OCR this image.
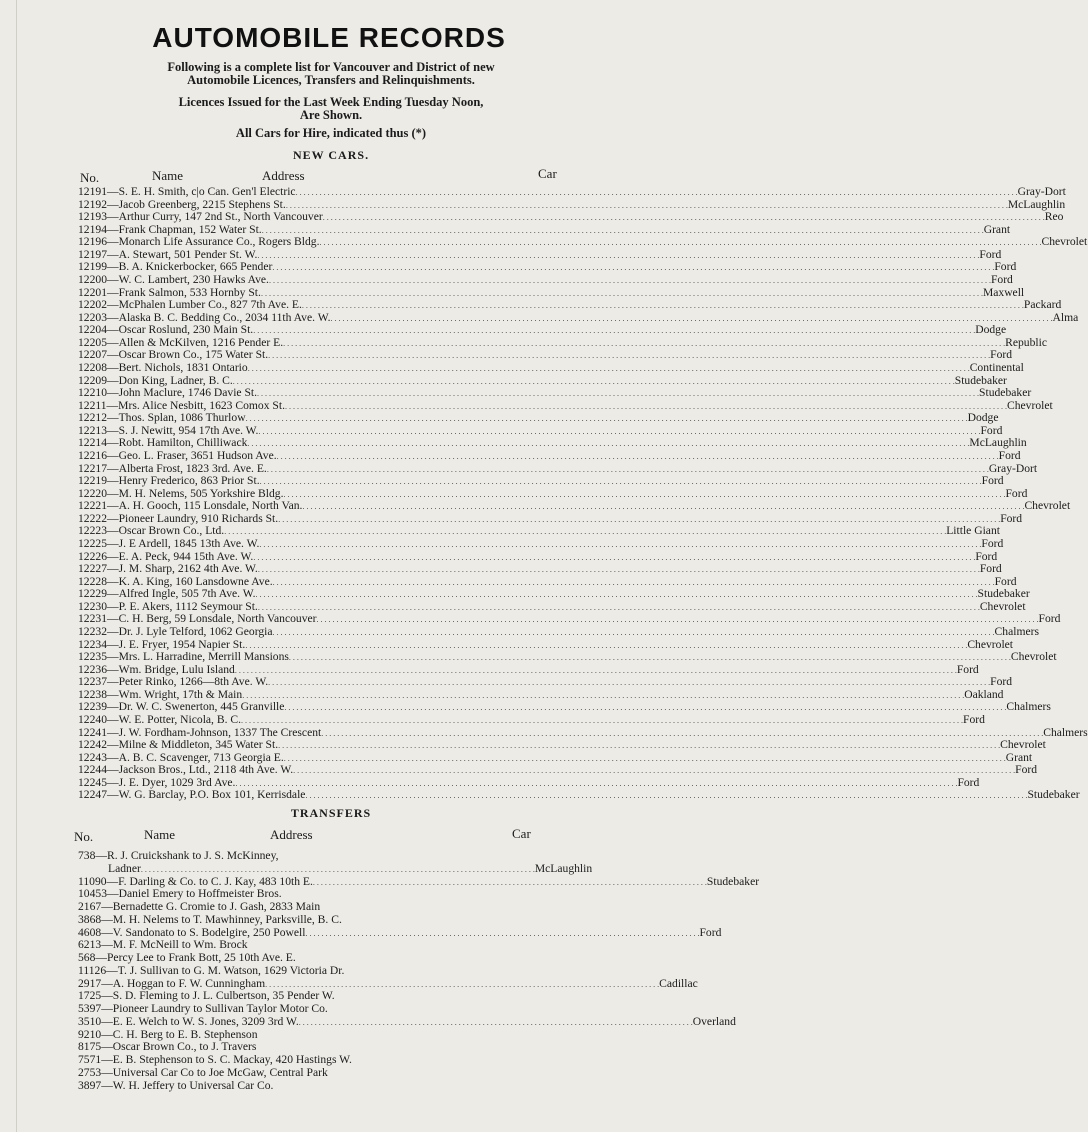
AUTOMOBILE RECORDS
Following is a complete list for Vancouver and District of new
Automobile Licences, Transfers and Relinquishments.
Licences Issued for the Last Week Ending Tuesday Noon,
Are Shown.
All Cars for Hire, indicated thus (*)
NEW CARS.
No.	Name	Address	Car
12191—S. E. H. Smith, c|o Can. Gen'l Electric . . .	Gray-Dort
12192—Jacob Greenberg, 2215 Stephens St. . . .	McLaughlin
12193—Arthur Curry, 147 2nd St., North Vancouver . . .	Reo
12194—Frank Chapman, 152 Water St. . . .	Grant
12196—Monarch Life Assurance Co., Rogers Bldg. . . .	Chevrolet
12197—A. Stewart, 501 Pender St. W. . . .	Ford
12199—B. A. Knickerbocker, 665 Pender . . .	Ford
12200—W. C. Lambert, 230 Hawks Ave. . . .	Ford
12201—Frank Salmon, 533 Hornby St. . . .	Maxwell
12202—McPhalen Lumber Co., 827 7th Ave. E. . . .	Packard
12203—Alaska B. C. Bedding Co., 2034 11th Ave. W. . . .	Alma
12204—Oscar Roslund, 230 Main St. . . .	Dodge
12205—Allen & McKilven, 1216 Pender E. . . .	Republic
12207—Oscar Brown Co., 175 Water St. . . .	Ford
12208—Bert. Nichols, 1831 Ontario . . .	Continental
12209—Don King, Ladner, B. C. . . .	Studebaker
12210—John Maclure, 1746 Davie St. . . .	Studebaker
12211—Mrs. Alice Nesbitt, 1623 Comox St. . . .	Chevrolet
12212—Thos. Splan, 1086 Thurlow . . .	Dodge
12213—S. J. Newitt, 954 17th Ave. W. . . .	Ford
12214—Robt. Hamilton, Chilliwack . . .	McLaughlin
12216—Geo. L. Fraser, 3651 Hudson Ave. . . .	Ford
12217—Alberta Frost, 1823 3rd. Ave. E. . . .	Gray-Dort
12219—Henry Frederico, 863 Prior St. . . .	Ford
12220—M. H. Nelems, 505 Yorkshire Bldg. . . .	Ford
12221—A. H. Gooch, 115 Lonsdale, North Van. . . .	Chevrolet
12222—Pioneer Laundry, 910 Richards St. . . .	Ford
12223—Oscar Brown Co., Ltd. . . .	Little Giant
12225—J. E Ardell, 1845 13th Ave. W. . . .	Ford
12226—E. A. Peck, 944 15th Ave. W. . . .	Ford
12227—J. M. Sharp, 2162 4th Ave. W. . . .	Ford
12228—K. A. King, 160 Lansdowne Ave. . . .	Ford
12229—Alfred Ingle, 505 7th Ave. W. . . .	Studebaker
12230—P. E. Akers, 1112 Seymour St. . . .	Chevrolet
12231—C. H. Berg, 59 Lonsdale, North Vancouver . . .	Ford
12232—Dr. J. Lyle Telford, 1062 Georgia . . .	Chalmers
12234—J. E. Fryer, 1954 Napier St. . . .	Chevrolet
12235—Mrs. L. Harradine, Merrill Mansions . . .	Chevrolet
12236—Wm. Bridge, Lulu Island . . .	Ford
12237—Peter Rinko, 1266—8th Ave. W. . . .	Ford
12238—Wm. Wright, 17th & Main . . .	Oakland
12239—Dr. W. C. Swenerton, 445 Granville . . .	Chalmers
12240—W. E. Potter, Nicola, B. C. . . .	Ford
12241—J. W. Fordham-Johnson, 1337 The Crescent . . .	Chalmers
12242—Milne & Middleton, 345 Water St. . . .	Chevrolet
12243—A. B. C. Scavenger, 713 Georgia E. . . .	Grant
12244—Jackson Bros., Ltd., 2118 4th Ave. W. . . .	Ford
12245—J. E. Dyer, 1029 3rd Ave. . . .	Ford
12247—W. G. Barclay, P.O. Box 101, Kerrisdale . . .	Studebaker
TRANSFERS
No.	Name	Address	Car
738—R. J. Cruickshank to J. S. McKinney,
Ladner . . .	McLaughlin
11090—F. Darling & Co. to C. J. Kay, 483 10th E. . . .	Studebaker
10453—Daniel Emery to Hoffmeister Bros.
2167—Bernadette G. Cromie to J. Gash, 2833 Main
3868—M. H. Nelems to T. Mawhinney, Parksville, B. C.
4608—V. Sandonato to S. Bodelgire, 250 Powell . . .	Ford
6213—M. F. McNeill to Wm. Brock
568—Percy Lee to Frank Bott, 25 10th Ave. E.
11126—T. J. Sullivan to G. M. Watson, 1629 Victoria Dr.
2917—A. Hoggan to F. W. Cunningham . . .	Cadillac
1725—S. D. Fleming to J. L. Culbertson, 35 Pender W.
5397—Pioneer Laundry to Sullivan Taylor Motor Co.
3510—E. E. Welch to W. S. Jones, 3209 3rd W. . . .	Overland
9210—C. H. Berg to E. B. Stephenson
8175—Oscar Brown Co., to J. Travers
7571—E. B. Stephenson to S. C. Mackay, 420 Hastings W.
2753—Universal Car Co to Joe McGaw, Central Park
3897—W. H. Jeffery to Universal Car Co.
